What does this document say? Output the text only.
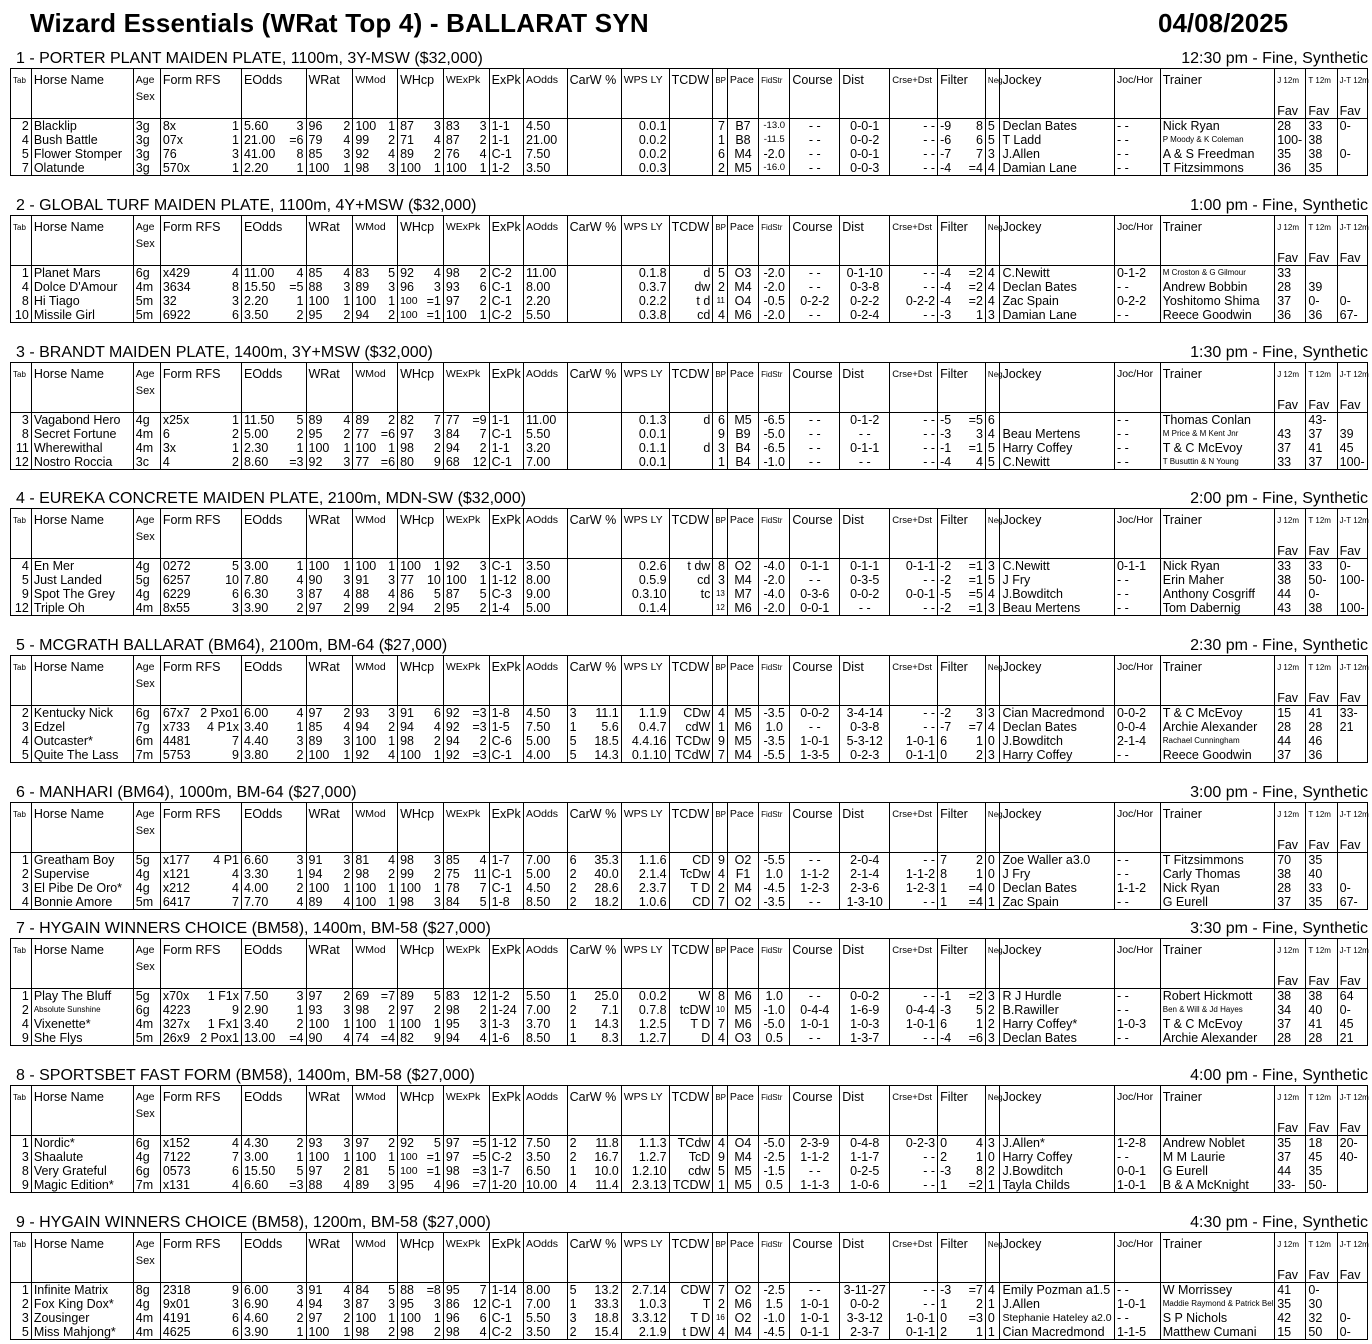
Wizard Essentials (WRat Top 4) - BALLARAT SYN	04/08/2025
1 - PORTER PLANT MAIDEN PLATE, 1100m, 3Y-MSW ($32,000)	12:30 pm - Fine, Synthetic
Tab	Horse Name	Age	Form RFS	EOdds	WRat	WMod	WHcp	WExPk	ExPk	AOdds	CarW %	WPS LY	TCDW	BP	Pace	FidStr	Course	Dist	Crse+Dst	Filter	Neg	Jockey	Joc/Hor	Trainer	J 12m	T 12m	J-T 12m
		Sex																									
																									Fav	Fav	Fav
2	Blacklip	3g	8x 1	5.60 3	96 2	100 1	87 3	83 3	1-1	4.50		0.0.1		7	B7	-13.0	- -	0-0-1	- -	-9 8	5	Declan Bates	- -	Nick Ryan	28	33	0-
4	Bush Battle	3g	07x 1	21.00 =6	79 4	99 2	71 4	87 2	1-1	21.00		0.0.2		1	B8	-11.5	- -	0-0-2	- -	-6 6	5	T Ladd	- -	P Moody & K Coleman	100-	38	
5	Flower Stomper	3g	76 3	41.00 8	85 3	92 4	89 2	76 4	C-1	7.50		0.0.2		6	M4	-2.0	- -	0-0-1	- -	-7 7	3	J.Allen	- -	A & S Freedman	35	38	0-
7	Olatunde	3g	570x 1	2.20 1	100 1	98 3	100 1	100 1	1-2	3.50		0.0.3		2	M5	-16.0	- -	0-0-3	- -	-4 =4	4	Damian Lane	- -	T Fitzsimmons	36	35	
2 - GLOBAL TURF MAIDEN PLATE, 1100m, 4Y+MSW ($32,000)	1:00 pm - Fine, Synthetic
Tab	Horse Name	Age	Form RFS	EOdds	WRat	WMod	WHcp	WExPk	ExPk	AOdds	CarW %	WPS LY	TCDW	BP	Pace	FidStr	Course	Dist	Crse+Dst	Filter	Neg	Jockey	Joc/Hor	Trainer	J 12m	T 12m	J-T 12m
		Sex																									
																									Fav	Fav	Fav
1	Planet Mars	6g	x429 4	11.00 4	85 4	83 5	92 4	98 2	C-2	11.00		0.1.8	d	5	O3	-2.0	- -	0-1-10	- -	-4 =2	4	C.Newitt	0-1-2	M Croston & G Gilmour	33		
4	Dolce D'Amour	4m	3634 8	15.50 =5	88 3	89 3	96 3	93 6	C-1	8.00		0.3.7	dw	2	M4	-2.0	- -	0-3-8	- -	-4 =2	4	Declan Bates	- -	Andrew Bobbin	28	39	
8	Hi Tiago	5m	32 3	2.20 1	100 1	100 1	100 =1	97 2	C-1	2.20		0.2.2	t d	11	O4	-0.5	0-2-2	0-2-2	0-2-2	-4 =2	4	Zac Spain	0-2-2	Yoshitomo Shima	37	0-	0-
10	Missile Girl	5m	6922 6	3.50 2	95 2	94 2	100 =1	100 1	C-2	5.50		0.3.8	cd	4	M6	-2.0	- -	0-2-4	- -	-3 1	3	Damian Lane	- -	Reece Goodwin	36	36	67-
3 - BRANDT MAIDEN PLATE, 1400m, 3Y+MSW ($32,000)	1:30 pm - Fine, Synthetic
Tab	Horse Name	Age	Form RFS	EOdds	WRat	WMod	WHcp	WExPk	ExPk	AOdds	CarW %	WPS LY	TCDW	BP	Pace	FidStr	Course	Dist	Crse+Dst	Filter	Neg	Jockey	Joc/Hor	Trainer	J 12m	T 12m	J-T 12m
		Sex																									
																									Fav	Fav	Fav
3	Vagabond Hero	4g	x25x 1	11.50 5	89 4	89 2	82 7	77 =9	1-1	11.00		0.1.3	d	6	M5	-6.5	- -	0-1-2	- -	-5 =5	6		- -	Thomas Conlan		43-	
8	Secret Fortune	4m	6 2	5.00 2	95 2	77 =6	97 3	84 7	C-1	5.50		0.0.1		9	B9	-5.0	- -	- -	- -	-3 3	4	Beau Mertens	- -	M Price & M Kent Jnr	43	37	39
11	Wherewithal	4m	3x 1	2.30 1	100 1	100 1	98 2	94 2	1-1	3.20		0.1.1	d	3	B4	-6.5	- -	0-1-1	- -	-1 =1	5	Harry Coffey	- -	T & C McEvoy	37	41	45
12	Nostro Roccia	3c	4 2	8.60 =3	92 3	77 =6	80 9	68 12	C-1	7.00		0.0.1		1	B4	-1.0	- -	- -	- -	-4 4	5	C.Newitt	- -	T Busuttin & N Young	33	37	100-
4 - EUREKA CONCRETE MAIDEN PLATE, 2100m, MDN-SW ($32,000)	2:00 pm - Fine, Synthetic
Tab	Horse Name	Age	Form RFS	EOdds	WRat	WMod	WHcp	WExPk	ExPk	AOdds	CarW %	WPS LY	TCDW	BP	Pace	FidStr	Course	Dist	Crse+Dst	Filter	Neg	Jockey	Joc/Hor	Trainer	J 12m	T 12m	J-T 12m
		Sex																									
																									Fav	Fav	Fav
4	En Mer	4g	0272 5	3.00 1	100 1	100 1	100 1	92 3	C-1	3.50		0.2.6	t dw	8	O2	-4.0	0-1-1	0-1-1	0-1-1	-2 =1	3	C.Newitt	0-1-1	Nick Ryan	33	33	0-
5	Just Landed	5g	6257 10	7.80 4	90 3	91 3	77 10	100 1	1-12	8.00		0.5.9	cd	3	M4	-2.0	- -	0-3-5	- -	-2 =1	5	J Fry	- -	Erin Maher	38	50-	100-
9	Spot The Grey	4g	6229 6	6.30 3	87 4	88 4	86 5	87 5	C-3	9.00		0.3.10	tc	13	M7	-4.0	0-3-6	0-0-2	0-0-1	-5 =5	4	J.Bowditch	- -	Anthony Cosgriff	44	0-	
12	Triple Oh	4m	8x55 3	3.90 2	97 2	99 2	94 2	95 2	1-4	5.00		0.1.4		12	M6	-2.0	0-0-1	- -	- -	-2 =1	3	Beau Mertens	- -	Tom Dabernig	43	38	100-
5 - MCGRATH BALLARAT (BM64), 2100m, BM-64 ($27,000)	2:30 pm - Fine, Synthetic
Tab	Horse Name	Age	Form RFS	EOdds	WRat	WMod	WHcp	WExPk	ExPk	AOdds	CarW %	WPS LY	TCDW	BP	Pace	FidStr	Course	Dist	Crse+Dst	Filter	Neg	Jockey	Joc/Hor	Trainer	J 12m	T 12m	J-T 12m
		Sex																									
																									Fav	Fav	Fav
2	Kentucky Nick	6g	67x7 2 Pxo1	6.00 4	97 2	93 3	91 6	92 =3	1-8	4.50	3 11.1	1.1.9	CDw	4	M5	-3.5	0-0-2	3-4-14	- -	-2 3	3	Cian Macredmond	0-0-2	T & C McEvoy	15	41	33-
3	Edzel	7g	x733 4 P1x	3.40 1	85 4	94 2	94 4	92 =3	1-5	7.50	1 5.6	0.4.7	cdW	1	M6	1.0	- -	0-3-8	- -	-7 =7	4	Declan Bates	0-0-4	Archie Alexander	28	28	21
4	Outcaster*	6m	4481 7	4.40 3	89 3	100 1	98 2	94 2	C-6	5.00	5 18.5	4.4.16	TCDw	9	M5	-3.5	1-0-1	5-3-12	1-0-1	6 1	0	J.Bowditch	2-1-4	Rachael Cunningham	44	46	
5	Quite The Lass	7m	5753 9	3.80 2	100 1	92 4	100 1	92 =3	C-1	4.00	5 14.3	0.1.10	TCdW	7	M4	-5.5	1-3-5	0-2-3	0-1-1	0 2	3	Harry Coffey	- -	Reece Goodwin	37	36	
6 - MANHARI (BM64), 1000m, BM-64 ($27,000)	3:00 pm - Fine, Synthetic
Tab	Horse Name	Age	Form RFS	EOdds	WRat	WMod	WHcp	WExPk	ExPk	AOdds	CarW %	WPS LY	TCDW	BP	Pace	FidStr	Course	Dist	Crse+Dst	Filter	Neg	Jockey	Joc/Hor	Trainer	J 12m	T 12m	J-T 12m
		Sex																									
																									Fav	Fav	Fav
1	Greatham Boy	5g	x177 4 P1	6.60 3	91 3	81 4	98 3	85 4	1-7	7.00	6 35.3	1.1.6	CD	9	O2	-5.5	- -	2-0-4	- -	7 2	0	Zoe Waller a3.0	- -	T Fitzsimmons	70	35	
2	Supervise	4g	x121 4	3.30 1	94 2	98 2	99 2	75 11	C-1	5.00	2 40.0	2.1.4	TcDw	4	F1	1.0	1-1-2	2-1-4	1-1-2	8 1	0	J Fry	- -	Carly Thomas	38	40	
3	El Pibe De Oro*	4g	x212 4	4.00 2	100 1	100 1	100 1	78 7	C-1	4.50	2 28.6	2.3.7	T D	2	M4	-4.5	1-2-3	2-3-6	1-2-3	1 =4	0	Declan Bates	1-1-2	Nick Ryan	28	33	0-
4	Bonnie Amore	5m	6417 7	7.70 4	89 4	100 1	98 3	84 5	1-8	8.50	2 18.2	1.0.6	CD	7	O2	-3.5	- -	1-3-10	- -	1 =4	1	Zac Spain	- -	G Eurell	37	35	67-
7 - HYGAIN WINNERS CHOICE (BM58), 1400m, BM-58 ($27,000)	3:30 pm - Fine, Synthetic
Tab	Horse Name	Age	Form RFS	EOdds	WRat	WMod	WHcp	WExPk	ExPk	AOdds	CarW %	WPS LY	TCDW	BP	Pace	FidStr	Course	Dist	Crse+Dst	Filter	Neg	Jockey	Joc/Hor	Trainer	J 12m	T 12m	J-T 12m
		Sex																									
																									Fav	Fav	Fav
1	Play The Bluff	5g	x70x 1 F1x	7.50 3	97 2	69 =7	89 5	83 12	1-2	5.50	1 25.0	0.0.2	W	8	M6	1.0	- -	0-0-2	- -	-1 =2	3	R J Hurdle	- -	Robert Hickmott	38	38	64
2	Absolute Sunshine	6g	4223 9	2.90 1	93 3	98 2	97 2	98 2	1-24	7.00	2 7.1	0.7.8	tcDW	10	M5	-1.0	0-4-4	1-6-9	0-4-4	-3 5	2	B.Rawiller	- -	Ben & Will & Jd Hayes	34	40	0-
4	Vixenette*	4m	327x 1 Fx1	3.40 2	100 1	100 1	100 1	95 3	1-3	3.70	1 14.3	1.2.5	T D	7	M6	-5.0	1-0-1	1-0-3	1-0-1	6 1	2	Harry Coffey*	1-0-3	T & C McEvoy	37	41	45
9	She Flys	5m	26x9 2 Pox1	13.00 =4	90 4	74 =4	82 9	94 4	1-6	8.50	1 8.3	1.2.7	D	4	O3	0.5	- -	1-3-7	- -	-4 =6	3	Declan Bates	- -	Archie Alexander	28	28	21
8 - SPORTSBET FAST FORM (BM58), 1400m, BM-58 ($27,000)	4:00 pm - Fine, Synthetic
Tab	Horse Name	Age	Form RFS	EOdds	WRat	WMod	WHcp	WExPk	ExPk	AOdds	CarW %	WPS LY	TCDW	BP	Pace	FidStr	Course	Dist	Crse+Dst	Filter	Neg	Jockey	Joc/Hor	Trainer	J 12m	T 12m	J-T 12m
		Sex																									
																									Fav	Fav	Fav
1	Nordic*	6g	x152 4	4.30 2	93 3	97 2	92 5	97 =5	1-12	7.50	2 11.8	1.1.3	TCdw	4	O4	-5.0	2-3-9	0-4-8	0-2-3	0 4	3	J.Allen*	1-2-8	Andrew Noblet	35	18	20-
3	Shaalute	4g	7122 7	3.00 1	100 1	100 1	100 =1	97 =5	C-2	3.50	2 16.7	1.2.7	TcD	9	M4	-2.5	1-1-2	1-1-7	- -	2 1	0	Harry Coffey	- -	M M Laurie	37	45	40-
8	Very Grateful	6g	0573 6	15.50 5	97 2	81 5	100 =1	98 =3	1-7	6.50	1 10.0	1.2.10	cdw	5	M5	-1.5	- -	0-2-5	- -	-3 8	2	J.Bowditch	0-0-1	G Eurell	44	35	
9	Magic Edition*	7m	x131 4	6.60 =3	88 4	89 3	95 4	96 =7	1-20	10.00	4 11.4	2.3.13	TCDW	1	M5	0.5	1-1-3	1-0-6	- -	1 =2	1	Tayla Childs	1-0-1	B & A McKnight	33-	50-	
9 - HYGAIN WINNERS CHOICE (BM58), 1200m, BM-58 ($27,000)	4:30 pm - Fine, Synthetic
Tab	Horse Name	Age	Form RFS	EOdds	WRat	WMod	WHcp	WExPk	ExPk	AOdds	CarW %	WPS LY	TCDW	BP	Pace	FidStr	Course	Dist	Crse+Dst	Filter	Neg	Jockey	Joc/Hor	Trainer	J 12m	T 12m	J-T 12m
		Sex																									
																									Fav	Fav	Fav
1	Infinite Matrix	8g	2318 9	6.00 3	91 4	84 5	88 =8	95 7	1-14	8.00	5 13.2	2.7.14	CDW	7	O2	-2.5	- -	3-11-27	- -	-3 =7	4	Emily Pozman a1.5	- -	W Morrissey	41	0-	
2	Fox King Dox*	4g	9x01 3	6.90 4	94 3	87 3	95 3	86 12	C-1	7.00	1 33.3	1.0.3	T	2	M6	1.5	1-0-1	0-0-2	- -	1 2	1	J.Allen	1-0-1	Maddie Raymond & Patrick Bell	35	30	
3	Zousinger	4m	4191 6	4.60 2	97 2	100 1	100 1	96 6	C-1	5.50	3 18.8	3.3.12	T D	16	O2	-1.0	1-0-1	3-3-12	1-0-1	0 =3	0	Stephanie Hateley a2.0	- -	S P Nichols	42	32	0-
5	Miss Mahjong*	4m	4625 6	3.90 1	100 1	98 2	98 2	98 4	C-2	3.50	2 15.4	2.1.9	t DW	4	M4	-4.5	0-1-1	2-3-7	0-1-1	2 1	1	Cian Macredmond	1-1-5	Matthew Cumani	15	50	0-
